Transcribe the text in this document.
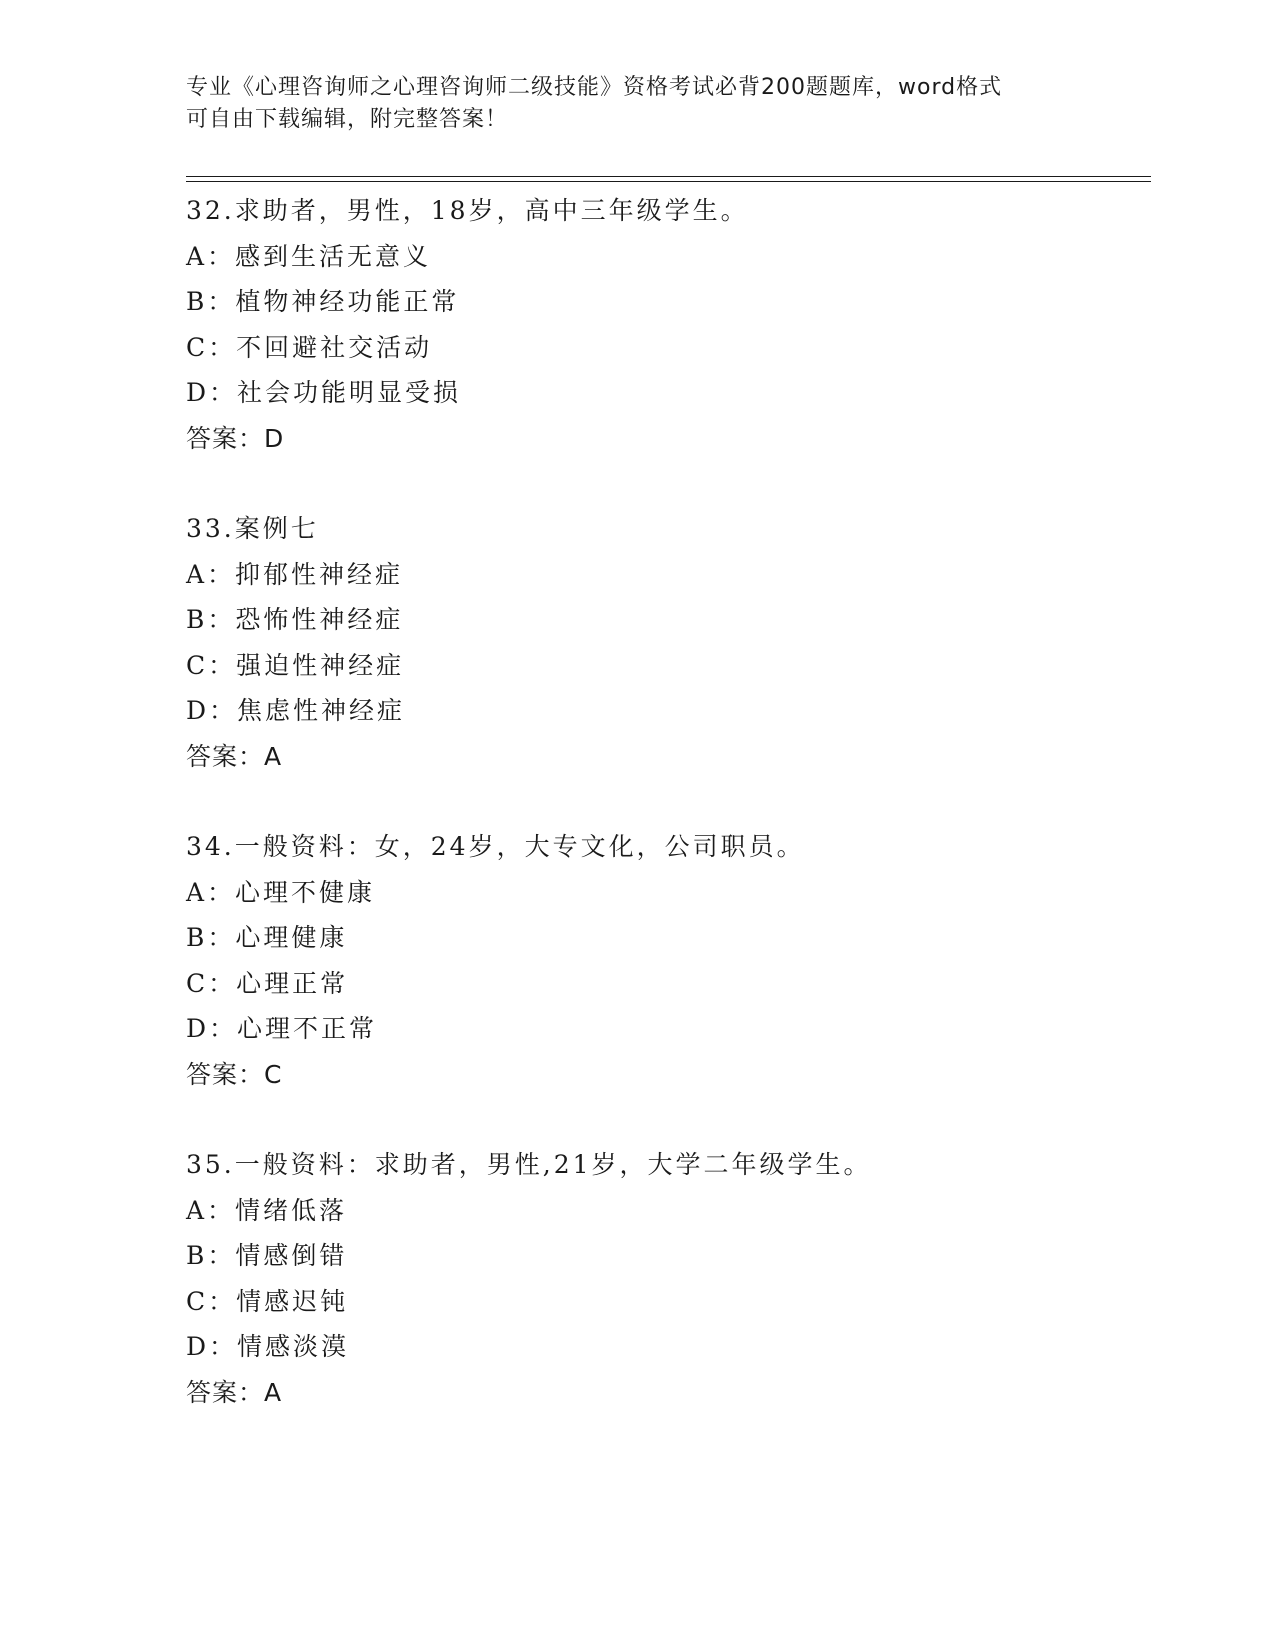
专业《心理咨询师之心理咨询师二级技能》资格考试必背200题题库，word格式
可自由下载编辑，附完整答案！
32.求助者，男性，18岁，高中三年级学生。
A：感到生活无意义
B：植物神经功能正常
C：不回避社交活动
D：社会功能明显受损
答案：D
33.案例七
A：抑郁性神经症
B：恐怖性神经症
C：强迫性神经症
D：焦虑性神经症
答案：A
34.一般资料：女，24岁，大专文化，公司职员。
A：心理不健康
B：心理健康
C：心理正常
D：心理不正常
答案：C
35.一般资料：求助者，男性,21岁，大学二年级学生。
A：情绪低落
B：情感倒错
C：情感迟钝
D：情感淡漠
答案：A
